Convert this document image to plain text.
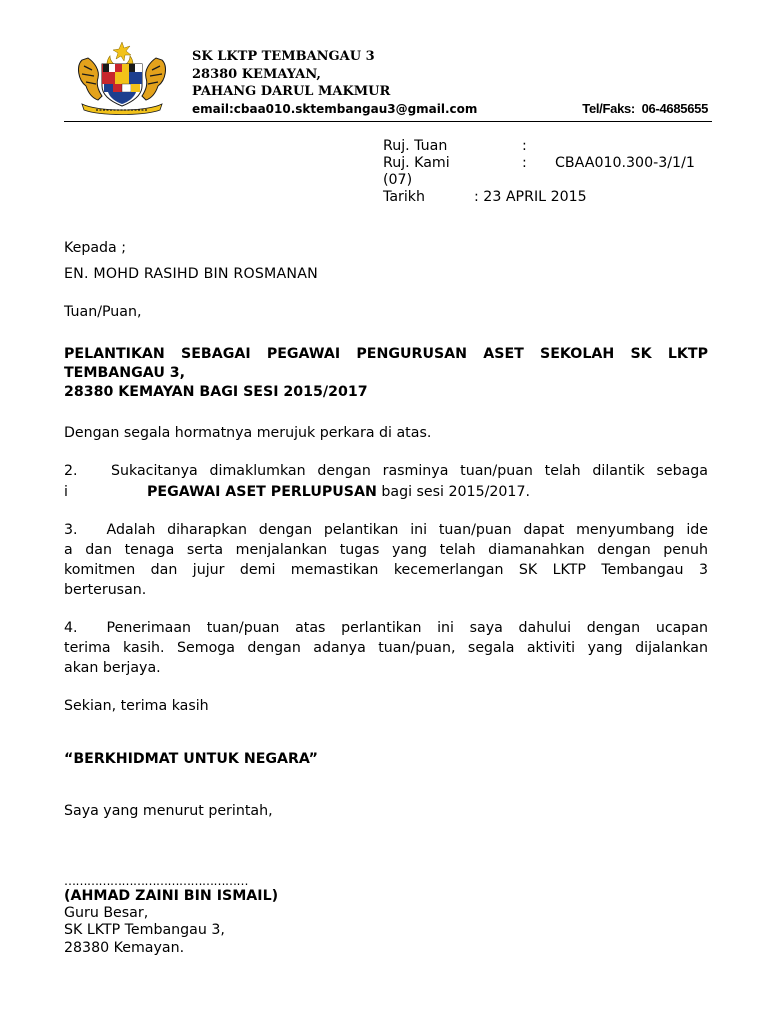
SK LKTP TEMBANGAU 3
28380 KEMAYAN,
PAHANG DARUL MAKMUR
email:cbaa010.sktembangau3@gmail.com	Tel/Faks: 06-4685655
Ruj. Tuan	:
Ruj. Kami	: CBAA010.300-3/1/1
(07)
Tarikh	: 23 APRIL 2015
Kepada ;
EN. MOHD RASIHD BIN ROSMANAN
Tuan/Puan,
PELANTIKAN SEBAGAI PEGAWAI PENGURUSAN ASET SEKOLAH SK LKTP
TEMBANGAU 3,
28380 KEMAYAN BAGI SESI 2015/2017
Dengan segala hormatnya merujuk perkara di atas.
2. Sukacitanya dimaklumkan dengan rasminya tuan/puan telah dilantik sebaga
i	PEGAWAI ASET PERLUPUSAN bagi sesi 2015/2017.
3. Adalah diharapkan dengan pelantikan ini tuan/puan dapat menyumbang ide
a dan tenaga serta menjalankan tugas yang telah diamanahkan dengan penuh
komitmen dan jujur demi memastikan kecemerlangan SK LKTP Tembangau 3
berterusan.
4. Penerimaan tuan/puan atas perlantikan ini saya dahului dengan ucapan
terima kasih. Semoga dengan adanya tuan/puan, segala aktiviti yang dijalankan
akan berjaya.
Sekian, terima kasih
“BERKHIDMAT UNTUK NEGARA”
Saya yang menurut perintah,
…………………………………………
(AHMAD ZAINI BIN ISMAIL)
Guru Besar,
SK LKTP Tembangau 3,
28380 Kemayan.
